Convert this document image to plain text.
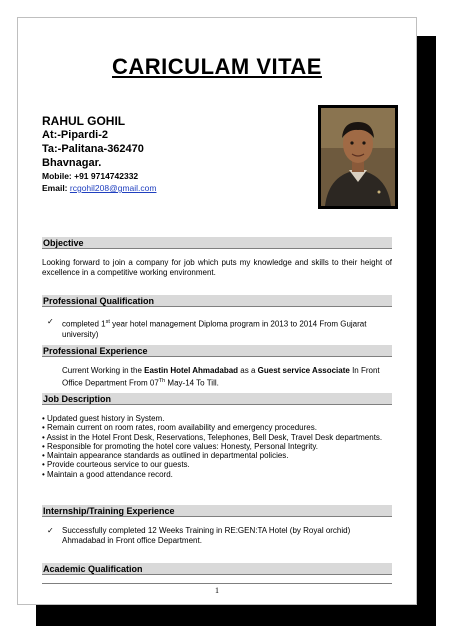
CARICULAM VITAE
RAHUL GOHIL
At:-Pipardi-2
Ta:-Palitana-362470
Bhavnagar.
Mobile: +91 9714742332
Email: rcgohil208@gmail.com
Objective
Looking forward to join a company for job which puts my knowledge and skills to their height of excellence in a competitive working environment.
Professional Qualification
✓ completed 1st year hotel management Diploma program in 2013 to 2014 From Gujarat university)
Professional Experience
Current Working in the Eastin Hotel Ahmadabad as a Guest service Associate In Front Office Department From 07Th May-14 To Till.
Job Description
• Updated guest history in System.
• Remain current on room rates, room availability and emergency procedures.
• Assist in the Hotel Front Desk, Reservations, Telephones, Bell Desk, Travel Desk departments.
• Responsible for promoting the hotel core values: Honesty, Personal Integrity.
• Maintain appearance standards as outlined in departmental policies.
• Provide courteous service to our guests.
• Maintain a good attendance record.
Internship/Training Experience
✓ Successfully completed 12 Weeks Training in RE:GEN:TA Hotel (by Royal orchid) Ahmadabad in Front office Department.
Academic Qualification
1
